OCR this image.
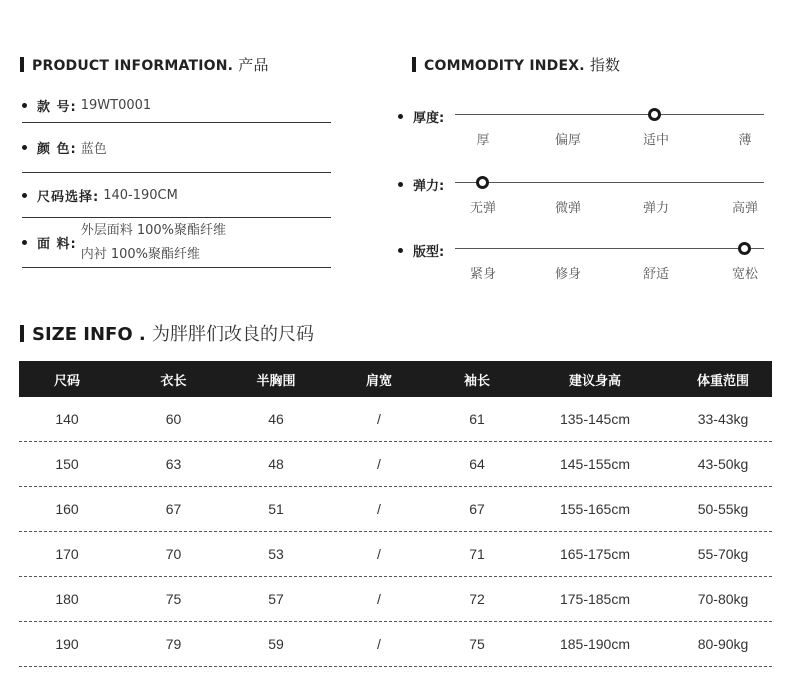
PRODUCT INFORMATION. 产品
款 号: 19WT0001
颜 色: 蓝色
尺码选择: 140-190CM
面 料:
外层面料 100%聚酯纤维
内衬 100%聚酯纤维
COMMODITY INDEX. 指数
厚度:
厚	偏厚	适中	薄
弹力:
无弹	微弹	弹力	高弹
版型:
紧身	修身	舒适	宽松
SIZE INFO . 为胖胖们改良的尺码
尺码	衣长	半胸围	肩宽	袖长	建议身高	体重范围
140	60	46	/	61	135-145cm	33-43kg
150	63	48	/	64	145-155cm	43-50kg
160	67	51	/	67	155-165cm	50-55kg
170	70	53	/	71	165-175cm	55-70kg
180	75	57	/	72	175-185cm	70-80kg
190	79	59	/	75	185-190cm	80-90kg
